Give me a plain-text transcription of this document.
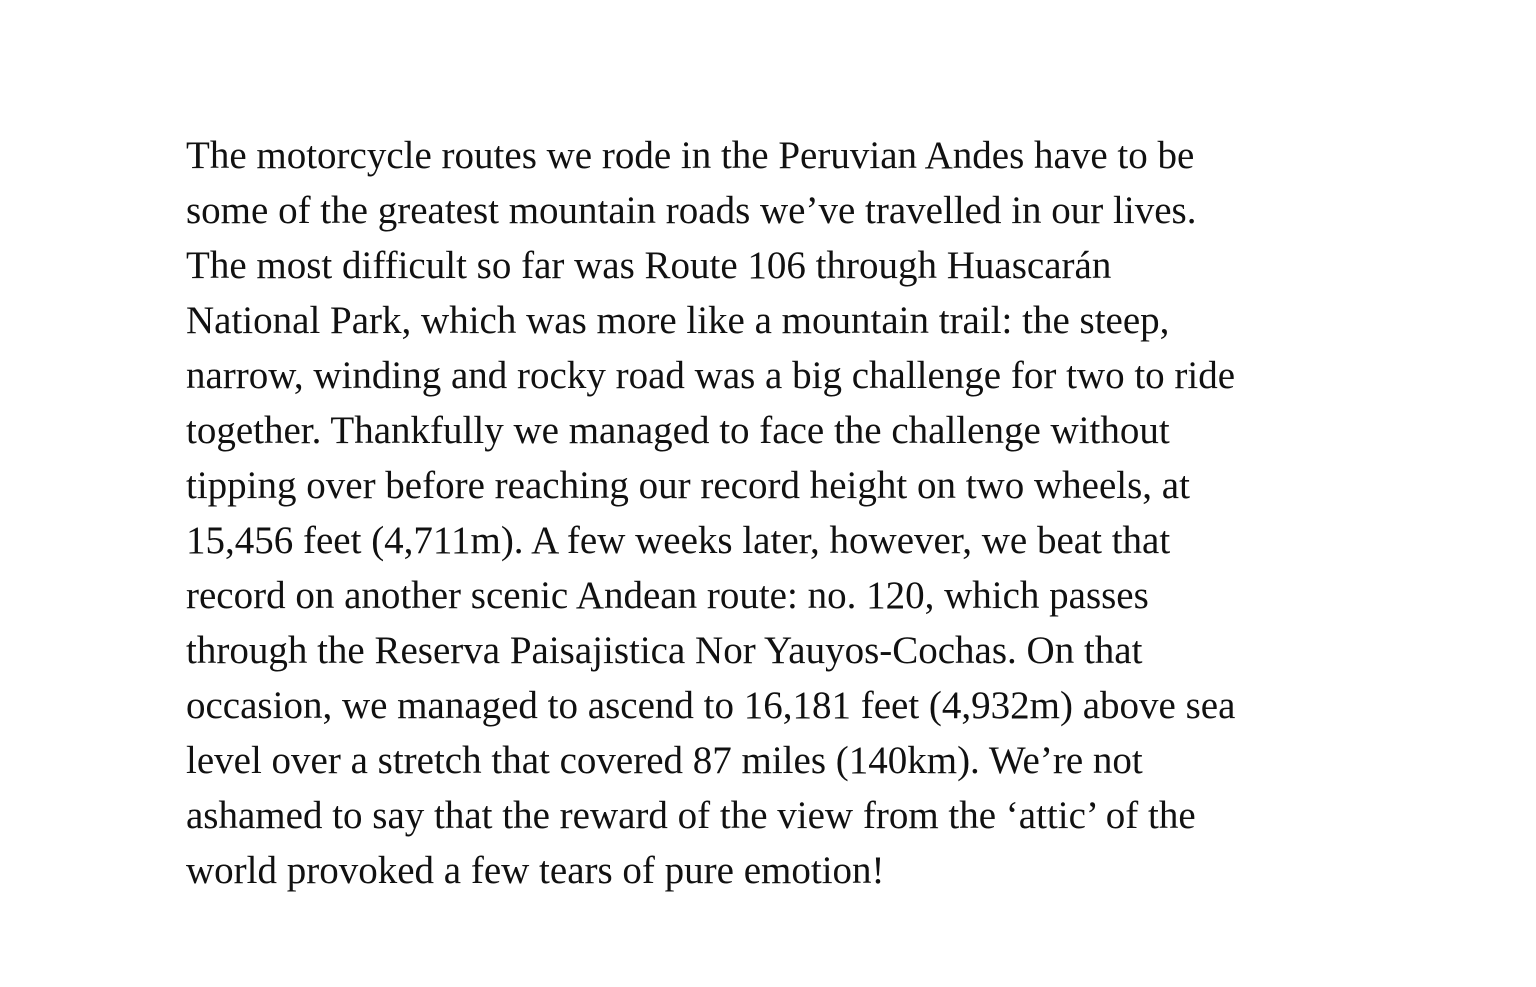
The motorcycle routes we rode in the Peruvian Andes have to be
some of the greatest mountain roads we’ve travelled in our lives.
The most difficult so far was Route 106 through Huascarán
National Park, which was more like a mountain trail: the steep,
narrow, winding and rocky road was a big challenge for two to ride
together. Thankfully we managed to face the challenge without
tipping over before reaching our record height on two wheels, at
15,456 feet (4,711m). A few weeks later, however, we beat that
record on another scenic Andean route: no. 120, which passes
through the Reserva Paisajistica Nor Yauyos-Cochas. On that
occasion, we managed to ascend to 16,181 feet (4,932m) above sea
level over a stretch that covered 87 miles (140km). We’re not
ashamed to say that the reward of the view from the ‘attic’ of the
world provoked a few tears of pure emotion!
